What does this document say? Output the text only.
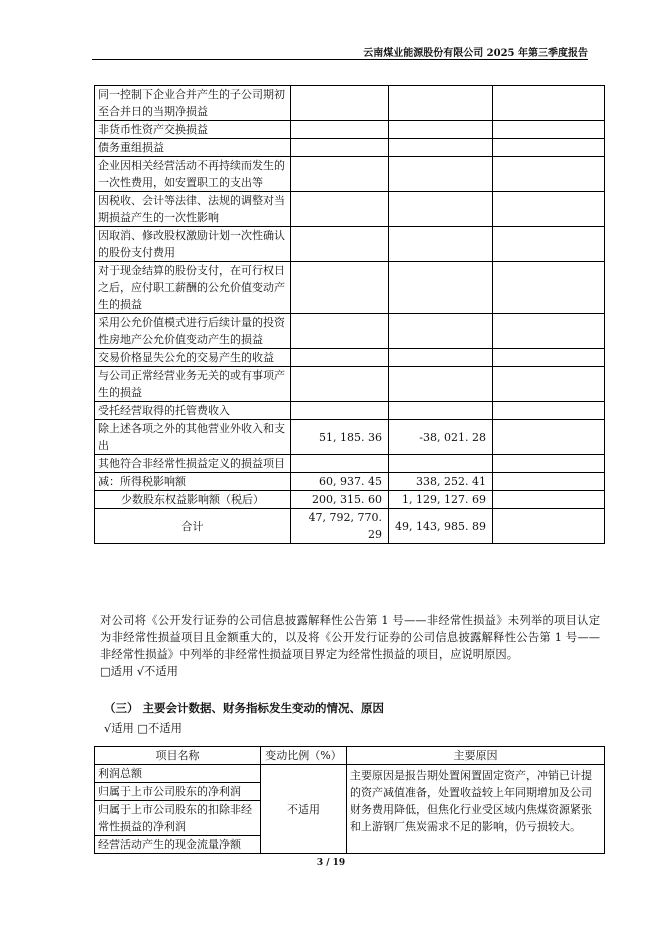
云南煤业能源股份有限公司 2025 年第三季度报告
同一控制下企业合并产生的子公司期初至合并日的当期净损益			
非货币性资产交换损益			
债务重组损益			
企业因相关经营活动不再持续而发生的一次性费用，如安置职工的支出等			
因税收、会计等法律、法规的调整对当期损益产生的一次性影响			
因取消、修改股权激励计划一次性确认的股份支付费用			
对于现金结算的股份支付，在可行权日之后，应付职工薪酬的公允价值变动产生的损益			
采用公允价值模式进行后续计量的投资性房地产公允价值变动产生的损益			
交易价格显失公允的交易产生的收益			
与公司正常经营业务无关的或有事项产生的损益			
受托经营取得的托管费收入			
除上述各项之外的其他营业外收入和支出	51, 185. 36	-38, 021. 28	
其他符合非经常性损益定义的损益项目			
减：所得税影响额	60, 937. 45	338, 252. 41	
少数股东权益影响额（税后）	200, 315. 60	1, 129, 127. 69	
合计	47, 792, 770. 29	49, 143, 985. 89	
对公司将《公开发行证券的公司信息披露解释性公告第 1 号——非经常性损益》未列举的项目认定为非经常性损益项目且金额重大的，以及将《公开发行证券的公司信息披露解释性公告第 1 号——非经常性损益》中列举的非经常性损益项目界定为经常性损益的项目，应说明原因。
□适用 √不适用
（三） 主要会计数据、财务指标发生变动的情况、原因
√适用 □不适用
项目名称	变动比例（%）	主要原因
利润总额	不适用	主要原因是报告期处置闲置固定资产，冲销已计提的资产减值准备，处置收益较上年同期增加及公司财务费用降低，但焦化行业受区域内焦煤资源紧张和上游钢厂焦炭需求不足的影响，仍亏损较大。
归属于上市公司股东的净利润		
归属于上市公司股东的扣除非经常性损益的净利润		
经营活动产生的现金流量净额		
3 / 19
